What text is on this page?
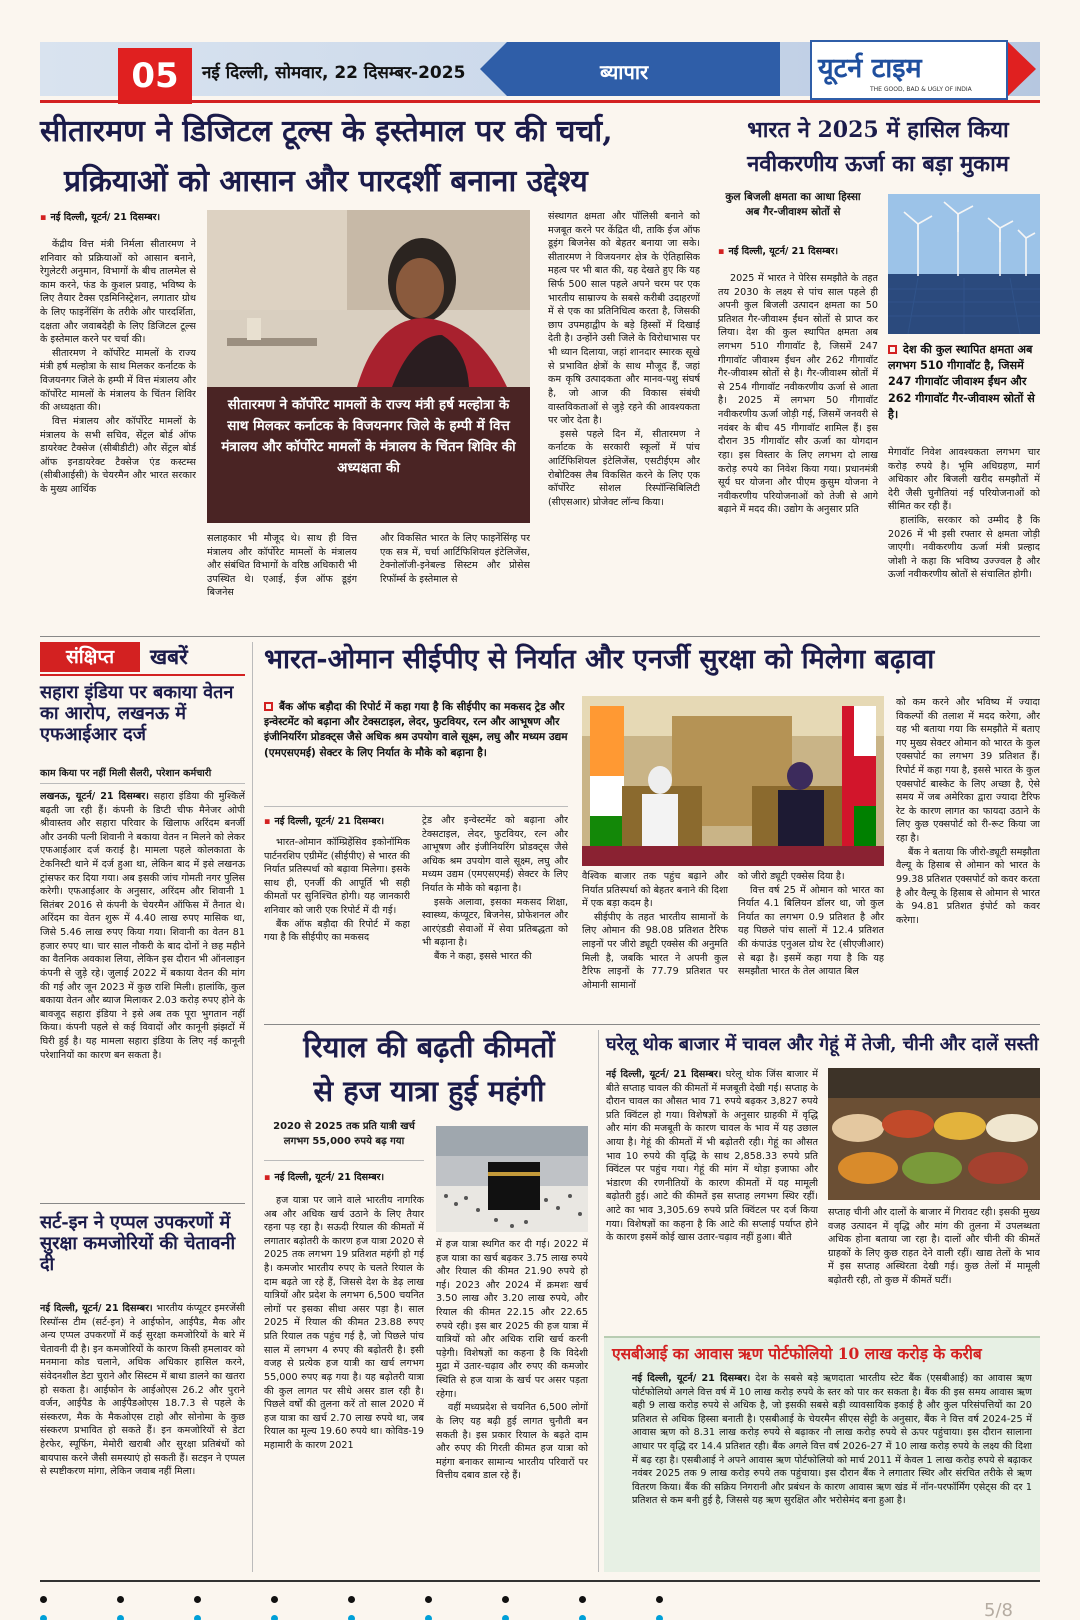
05	नई दिल्ली, सोमवार, 22 दिसम्बर-2025	ब्यापार	यूटर्न टाइम
THE GOOD, BAD & UGLY OF INDIA
सीतारमण ने डिजिटल टूल्स के इस्तेमाल पर की चर्चा,
प्रक्रियाओं को आसान और पारदर्शी बनाना उद्देश्य
▪ नई दिल्ली, यूटर्न/ 21 दिसम्बर।

केंद्रीय वित्त मंत्री निर्मला सीतारमण ने शनिवार को प्रक्रियाओं को आसान बनाने, रेगुलेटरी अनुमान, विभागों के बीच तालमेल से काम करने, फंड के कुशल प्रवाह, भविष्य के लिए तैयार टैक्स एडमिनिस्ट्रेशन, लगातार ग्रोथ के लिए फाइनेंसिंग के तरीके और पारदर्शिता, दक्षता और जवाबदेही के लिए डिजिटल टूल्स के इस्तेमाल करने पर चर्चा की।

सीतारमण ने कॉर्पोरेट मामलों के राज्य मंत्री हर्ष मल्होत्रा के साथ मिलकर कर्नाटक के विजयनगर जिले के हम्पी में वित्त मंत्रालय और कॉर्पोरेट मामलों के मंत्रालय के चिंतन शिविर की अध्यक्षता की।

वित्त मंत्रालय और कॉर्पोरेट मामलों के मंत्रालय के सभी सचिव, सेंट्रल बोर्ड ऑफ डायरेक्ट टैक्सेज (सीबीडीटी) और सेंट्रल बोर्ड ऑफ इनडायरेक्ट टैक्सेज एंड कस्टम्स (सीबीआईसी) के चेयरमैन और भारत सरकार के मुख्य आर्थिक

सीतारमण ने कॉर्पोरेट मामलों के राज्य मंत्री हर्ष मल्होत्रा के साथ मिलकर कर्नाटक के विजयनगर जिले के हम्पी में वित्त मंत्रालय और कॉर्पोरेट मामलों के मंत्रालय के चिंतन शिविर की अध्यक्षता की

सलाहकार भी मौजूद थे। साथ ही वित्त मंत्रालय और कॉर्पोरेट मामलों के मंत्रालय और संबंधित विभागों के वरिष्ठ अधिकारी भी उपस्थित थे। एआई, ईज ऑफ डूइंग बिजनेस

और विकसित भारत के लिए फाइनेंसिंग्ह पर एक सत्र में, चर्चा आर्टिफिशियल इंटेलिजेंस, टेक्नोलॉजी-इनेबल्ड सिस्टम और प्रोसेस रिफॉर्म्स के इस्तेमाल से

संस्थागत क्षमता और पॉलिसी बनाने को मजबूत करने पर केंद्रित थी, ताकि ईज ऑफ डूइंग बिजनेस को बेहतर बनाया जा सके। सीतारमण ने विजयनगर क्षेत्र के ऐतिहासिक महत्व पर भी बात की, यह देखते हुए कि यह सिर्फ 500 साल पहले अपने चरम पर एक भारतीय साम्राज्य के सबसे करीबी उदाहरणों में से एक का प्रतिनिधित्व करता है, जिसकी छाप उपमहाद्वीप के बड़े हिस्सों में दिखाई देती है। उन्होंने उसी जिले के विरोधाभास पर भी ध्यान दिलाया, जहां शानदार स्मारक सूखे से प्रभावित क्षेत्रों के साथ मौजूद हैं, जहां कम कृषि उत्पादकता और मानव-पशु संघर्ष है, जो आज की विकास संबंधी वास्तविकताओं से जुड़े रहने की आवश्यकता पर जोर देता है।

इससे पहले दिन में, सीतारमण ने कर्नाटक के सरकारी स्कूलों में पांच आर्टिफिशियल इंटेलिजेंस, एसटीईएम और रोबोटिक्स लैब विकसित करने के लिए एक कॉर्पोरेट सोशल रिस्पॉन्सिबिलिटी (सीएसआर) प्रोजेक्ट लॉन्च किया।

भारत ने 2025 में हासिल किया
नवीकरणीय ऊर्जा का बड़ा मुकाम
कुल बिजली क्षमता का आधा हिस्सा अब गैर-जीवाश्म स्रोतों से
▪ नई दिल्ली, यूटर्न/ 21 दिसम्बर।

2025 में भारत ने पेरिस समझौते के तहत तय 2030 के लक्ष्य से पांच साल पहले ही अपनी कुल बिजली उत्पादन क्षमता का 50 प्रतिशत गैर-जीवाश्म ईंधन स्रोतों से प्राप्त कर लिया। देश की कुल स्थापित क्षमता अब लगभग 510 गीगावॉट है, जिसमें 247 गीगावॉट जीवाश्म ईंधन और 262 गीगावॉट गैर-जीवाश्म स्रोतों से है। गैर-जीवाश्म स्रोतों में से 254 गीगावॉट नवीकरणीय ऊर्जा से आता है। 2025 में लगभग 50 गीगावॉट नवीकरणीय ऊर्जा जोड़ी गई, जिसमें जनवरी से नवंबर के बीच 45 गीगावॉट शामिल हैं। इस दौरान 35 गीगावॉट सौर ऊर्जा का योगदान रहा। इस विस्तार के लिए लगभग दो लाख करोड़ रुपये का निवेश किया गया। प्रधानमंत्री सूर्य घर योजना और पीएम कुसुम योजना ने नवीकरणीय परियोजनाओं को तेजी से आगे बढ़ाने में मदद की। उद्योग के अनुसार प्रति

देश की कुल स्थापित क्षमता अब लगभग 510 गीगावॉट है, जिसमें 247 गीगावॉट जीवाश्म ईंधन और 262 गीगावॉट गैर-जीवाश्म स्रोतों से है।

मेगावॉट निवेश आवश्यकता लगभग चार करोड़ रुपये है। भूमि अधिग्रहण, मार्ग अधिकार और बिजली खरीद समझौतों में देरी जैसी चुनौतियां नई परियोजनाओं को सीमित कर रही हैं।

हालांकि, सरकार को उम्मीद है कि 2026 में भी इसी रफ्तार से क्षमता जोड़ी जाएगी। नवीकरणीय ऊर्जा मंत्री प्रल्हाद जोशी ने कहा कि भविष्य उज्ज्वल है और ऊर्जा नवीकरणीय स्रोतों से संचालित होगी।

संक्षिप्त	खबरें
सहारा इंडिया पर बकाया वेतन का आरोप, लखनऊ में एफआईआर दर्ज
काम किया पर नहीं मिली सैलरी, परेशान कर्मचारी

लखनऊ, यूटर्न/ 21 दिसम्बर। सहारा इंडिया की मुश्किलें बढ़ती जा रही हैं। कंपनी के डिप्टी चीफ मैनेजर ओपी श्रीवास्तव और सहारा परिवार के खिलाफ अरिंदम बनर्जी और उनकी पत्नी शिवानी ने बकाया वेतन न मिलने को लेकर एफआईआर दर्ज कराई है। मामला पहले कोलकाता के टेकनिस्टी थाने में दर्ज हुआ था, लेकिन बाद में इसे लखनऊ ट्रांसफर कर दिया गया। अब इसकी जांच गोमती नगर पुलिस करेगी। एफआईआर के अनुसार, अरिंदम और शिवानी 1 सितंबर 2016 से कंपनी के चेयरमैन ऑफिस में तैनात थे। अरिंदम का वेतन शुरू में 4.40 लाख रुपए मासिक था, जिसे 5.46 लाख रुपए किया गया। शिवानी का वेतन 81 हजार रुपए था। चार साल नौकरी के बाद दोनों ने छह महीने का वैतनिक अवकाश लिया, लेकिन इस दौरान भी ऑनलाइन कंपनी से जुड़े रहे। जुलाई 2022 में बकाया वेतन की मांग की गई और जून 2023 में कुछ राशि मिली। हालांकि, कुल बकाया वेतन और ब्याज मिलाकर 2.03 करोड़ रुपए होने के बावजूद सहारा इंडिया ने इसे अब तक पूरा भुगतान नहीं किया। कंपनी पहले से कई विवादों और कानूनी झंझटों में घिरी हुई है। यह मामला सहारा इंडिया के लिए नई कानूनी परेशानियों का कारण बन सकता है।

सर्ट-इन ने एप्पल उपकरणों में सुरक्षा कमजोरियों की चेतावनी दी

नई दिल्ली, यूटर्न/ 21 दिसम्बर। भारतीय कंप्यूटर इमरजेंसी रिस्पॉन्स टीम (सर्ट-इन) ने आईफोन, आईपैड, मैक और अन्य एप्पल उपकरणों में कई सुरक्षा कमजोरियों के बारे में चेतावनी दी है। इन कमजोरियों के कारण किसी हमलावर को मनमाना कोड चलाने, अधिक अधिकार हासिल करने, संवेदनशील डेटा चुराने और सिस्टम में बाधा डालने का खतरा हो सकता है। आईफोन के आईओएस 26.2 और पुराने वर्जन, आईपैड के आईपैडओएस 18.7.3 से पहले के संस्करण, मैक के मैकओएस टाहो और सोनोमा के कुछ संस्करण प्रभावित हो सकते हैं। इन कमजोरियों से डेटा हेरफेर, स्पूफिंग, मेमोरी खराबी और सुरक्षा प्रतिबंधों को बायपास करने जैसी समस्याएं हो सकती हैं। सटइन ने एप्पल से स्पष्टीकरण मांगा, लेकिन जवाब नहीं मिला।

भारत-ओमान सीईपीए से निर्यात और एनर्जी सुरक्षा को मिलेगा बढ़ावा
बैंक ऑफ बड़ौदा की रिपोर्ट में कहा गया है कि सीईपीए का मकसद ट्रेड और इन्वेस्टमेंट को बढ़ाना और टेक्सटाइल, लेदर, फुटवियर, रत्न और आभूषण और इंजीनियरिंग प्रोडक्ट्स जैसे अधिक श्रम उपयोग वाले सूक्ष्म, लघु और मध्यम उद्यम (एमएसएमई) सेक्टर के लिए निर्यात के मौके को बढ़ाना है।
▪ नई दिल्ली, यूटर्न/ 21 दिसम्बर।

भारत-ओमान कॉम्प्रिहेंसिव इकोनॉमिक पार्टनरशिप एग्रीमेंट (सीईपीए) से भारत की निर्यात प्रतिस्पर्धा को बढ़ावा मिलेगा। इसके साथ ही, एनर्जी की आपूर्ति भी सही कीमतों पर सुनिश्चित होगी। यह जानकारी शनिवार को जारी एक रिपोर्ट में दी गई।

बैंक ऑफ बड़ौदा की रिपोर्ट में कहा गया है कि सीईपीए का मकसद

ट्रेड और इन्वेस्टमेंट को बढ़ाना और टेक्सटाइल, लेदर, फुटवियर, रत्न और आभूषण और इंजीनियरिंग प्रोडक्ट्स जैसे अधिक श्रम उपयोग वाले सूक्ष्म, लघु और मध्यम उद्यम (एमएसएमई) सेक्टर के लिए निर्यात के मौके को बढ़ाना है।

इसके अलावा, इसका मकसद शिक्षा, स्वास्थ्य, कंप्यूटर, बिजनेस, प्रोफेशनल और आरएंडडी सेवाओं में सेवा प्रतिबद्धता को भी बढ़ाना है।

बैंक ने कहा, इससे भारत की

वैश्विक बाजार तक पहुंच बढ़ाने और निर्यात प्रतिस्पर्धा को बेहतर बनाने की दिशा में एक बड़ा कदम है।

सीईपीए के तहत भारतीय सामानों के लिए ओमान की 98.08 प्रतिशत टैरिफ लाइनों पर जीरो ड्यूटी एक्सेस की अनुमति मिली है, जबकि भारत ने अपनी कुल टैरिफ लाइनों के 77.79 प्रतिशत पर ओमानी सामानों

को जीरो ड्यूटी एक्सेस दिया है।

वित्त वर्ष 25 में ओमान को भारत का निर्यात 4.1 बिलियन डॉलर था, जो कुल निर्यात का लगभग 0.9 प्रतिशत है और यह पिछले पांच सालों में 12.4 प्रतिशत की कंपाउंड एनुअल ग्रोथ रेट (सीएजीआर) से बढ़ा है। इसमें कहा गया है कि यह समझौता भारत के तेल आयात बिल

को कम करने और भविष्य में ज्यादा विकल्पों की तलाश में मदद करेगा, और यह भी बताया गया कि समझौते में बताए गए मुख्य सेक्टर ओमान को भारत के कुल एक्सपोर्ट का लगभग 39 प्रतिशत हैं। रिपोर्ट में कहा गया है, इससे भारत के कुल एक्सपोर्ट बास्केट के लिए अच्छा है, ऐसे समय में जब अमेरिका द्वारा ज्यादा टैरिफ रेट के कारण लागत का फायदा उठाने के लिए कुछ एक्सपोर्ट को री-रूट किया जा रहा है।

बैंक ने बताया कि जीरो-ड्यूटी समझौता वैल्यू के हिसाब से ओमान को भारत के 99.38 प्रतिशत एक्सपोर्ट को कवर करता है और वैल्यू के हिसाब से ओमान से भारत के 94.81 प्रतिशत इंपोर्ट को कवर करेगा।

रियाल की बढ़ती कीमतों
से हज यात्रा हुई महंगी
2020 से 2025 तक प्रति यात्री खर्च लगभग 55,000 रुपये बढ़ गया
▪ नई दिल्ली, यूटर्न/ 21 दिसम्बर।

हज यात्रा पर जाने वाले भारतीय नागरिक अब और अधिक खर्च उठाने के लिए तैयार रहना पड़ रहा है। सऊदी रियाल की कीमतों में लगातार बढ़ोतरी के कारण हज यात्रा 2020 से 2025 तक लगभग 19 प्रतिशत महंगी हो गई है। कमजोर भारतीय रुपए के चलते रियाल के दाम बढ़ते जा रहे हैं, जिससे देश के डेढ़ लाख यात्रियों और प्रदेश के लगभग 6,500 चयनित लोगों पर इसका सीधा असर पड़ा है। साल 2025 में रियाल की कीमत 23.88 रुपए प्रति रियाल तक पहुंच गई है, जो पिछले पांच साल में लगभग 4 रुपए की बढ़ोतरी है। इसी वजह से प्रत्येक हज यात्री का खर्च लगभग 55,000 रुपए बढ़ गया है। यह बढ़ोतरी यात्रा की कुल लागत पर सीधे असर डाल रही है। पिछले वर्षों की तुलना करें तो साल 2020 में हज यात्रा का खर्च 2.70 लाख रुपये था, जब रियाल का मूल्य 19.60 रुपये था। कोविड-19 महामारी के कारण 2021

में हज यात्रा स्थगित कर दी गई। 2022 में हज यात्रा का खर्च बढ़कर 3.75 लाख रुपये और रियाल की कीमत 21.90 रुपये हो गई। 2023 और 2024 में क्रमशः खर्च 3.50 लाख और 3.20 लाख रुपये, और रियाल की कीमत 22.15 और 22.65 रुपये रही। इस बार 2025 की हज यात्रा में यात्रियों को और अधिक राशि खर्च करनी पड़ेगी। विशेषज्ञों का कहना है कि विदेशी मुद्रा में उतार-चढ़ाव और रुपए की कमजोर स्थिति से हज यात्रा के खर्च पर असर पड़ता रहेगा।

वहीं मध्यप्रदेश से चयनित 6,500 लोगों के लिए यह बढ़ी हुई लागत चुनौती बन सकती है। इस प्रकार रियाल के बढ़ते दाम और रुपए की गिरती कीमत हज यात्रा को महंगा बनाकर सामान्य भारतीय परिवारों पर वित्तीय दबाव डाल रहे हैं।

घरेलू थोक बाजार में चावल और गेहूं में तेजी, चीनी और दालें सस्ती

नई दिल्ली, यूटर्न/ 21 दिसम्बर। घरेलू थोक जिंस बाजार में बीते सप्ताह चावल की कीमतों में मजबूती देखी गई। सप्ताह के दौरान चावल का औसत भाव 71 रुपये बढ़कर 3,827 रुपये प्रति क्विंटल हो गया। विशेषज्ञों के अनुसार ग्राहकी में वृद्धि और मांग की मजबूती के कारण चावल के भाव में यह उछाल आया है। गेहूं की कीमतों में भी बढ़ोतरी रही। गेहूं का औसत भाव 10 रुपये की वृद्धि के साथ 2,858.33 रुपये प्रति क्विंटल पर पहुंच गया। गेहूं की मांग में थोड़ा इजाफा और भंडारण की रणनीतियों के कारण कीमतों में यह मामूली बढ़ोतरी हुई। आटे की कीमतें इस सप्ताह लगभग स्थिर रहीं। आटे का भाव 3,305.69 रुपये प्रति क्विंटल पर दर्ज किया गया। विशेषज्ञों का कहना है कि आटे की सप्लाई पर्याप्त होने के कारण इसमें कोई खास उतार-चढ़ाव नहीं हुआ। बीते

सप्ताह चीनी और दालों के बाजार में गिरावट रही। इसकी मुख्य वजह उत्पादन में वृद्धि और मांग की तुलना में उपलब्धता अधिक होना बताया जा रहा है। दालों और चीनी की कीमतें ग्राहकों के लिए कुछ राहत देने वाली रहीं। खाद्य तेलों के भाव में इस सप्ताह अस्थिरता देखी गई। कुछ तेलों में मामूली बढ़ोतरी रही, तो कुछ में कीमतें घटीं।

एसबीआई का आवास ऋण पोर्टफोलियो 10 लाख करोड़ के करीब

नई दिल्ली, यूटर्न/ 21 दिसम्बर। देश के सबसे बड़े ऋणदाता भारतीय स्टेट बैंक (एसबीआई) का आवास ऋण पोर्टफोलियो अगले वित्त वर्ष में 10 लाख करोड़ रुपये के स्तर को पार कर सकता है। बैंक की इस समय आवास ऋण बही 9 लाख करोड़ रुपये से अधिक है, जो इसकी सबसे बड़ी व्यावसायिक इकाई है और कुल परिसंपत्तियों का 20 प्रतिशत से अधिक हिस्सा बनाती है। एसबीआई के चेयरमैन सीएस सेट्टी के अनुसार, बैंक ने वित्त वर्ष 2024-25 में आवास ऋण को 8.31 लाख करोड़ रुपये से बढ़ाकर नौ लाख करोड़ रुपये से ऊपर पहुंचाया। इस दौरान सालाना आधार पर वृद्धि दर 14.4 प्रतिशत रही। बैंक अगले वित्त वर्ष 2026-27 में 10 लाख करोड़ रुपये के लक्ष्य की दिशा में बढ़ रहा है। एसबीआई ने अपने आवास ऋण पोर्टफोलियो को मार्च 2011 में केवल 1 लाख करोड़ रुपये से बढ़ाकर नवंबर 2025 तक 9 लाख करोड़ रुपये तक पहुंचाया। इस दौरान बैंक ने लगातार स्थिर और संरचित तरीके से ऋण वितरण किया। बैंक की सक्रिय निगरानी और प्रबंधन के कारण आवास ऋण खंड में नॉन-परफॉर्मिंग एसेट्स की दर 1 प्रतिशत से कम बनी हुई है, जिससे यह ऋण सुरक्षित और भरोसेमंद बना हुआ है।

5/8
